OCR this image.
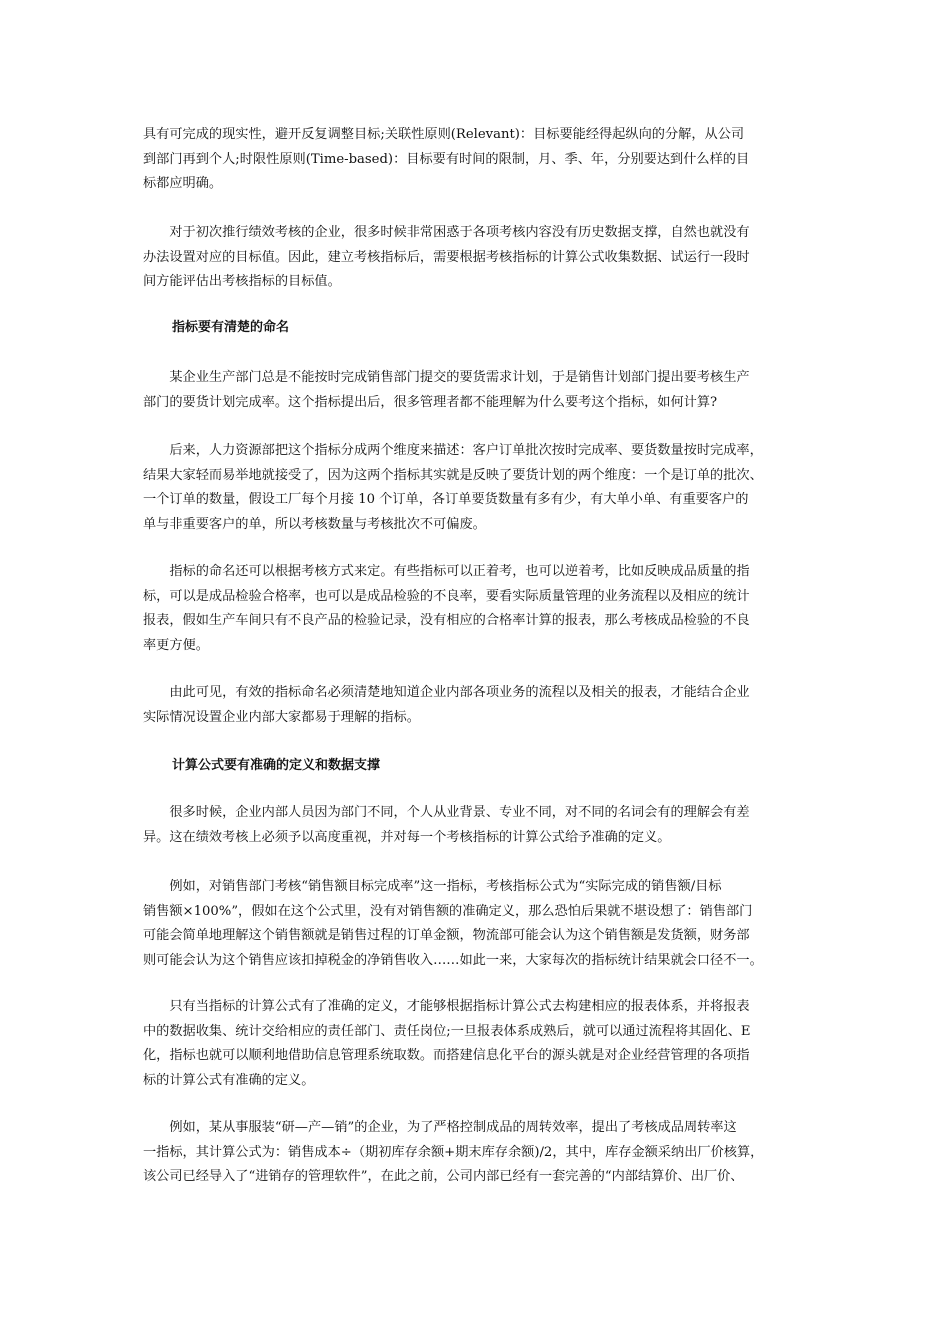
具有可完成的现实性，避开反复调整目标;关联性原则(Relevant)：目标要能经得起纵向的分解，从公司
到部门再到个人;时限性原则(Time-based)：目标要有时间的限制，月、季、年，分别要达到什么样的目
标都应明确。
　　对于初次推行绩效考核的企业，很多时候非常困惑于各项考核内容没有历史数据支撑，自然也就没有
办法设置对应的目标值。因此，建立考核指标后，需要根据考核指标的计算公式收集数据、试运行一段时
间方能评估出考核指标的目标值。
指标要有清楚的命名
　　某企业生产部门总是不能按时完成销售部门提交的要货需求计划，于是销售计划部门提出要考核生产
部门的要货计划完成率。这个指标提出后，很多管理者都不能理解为什么要考这个指标，如何计算?
　　后来，人力资源部把这个指标分成两个维度来描述：客户订单批次按时完成率、要货数量按时完成率，
结果大家轻而易举地就接受了，因为这两个指标其实就是反映了要货计划的两个维度：一个是订单的批次、
一个订单的数量，假设工厂每个月接 10 个订单，各订单要货数量有多有少，有大单小单、有重要客户的
单与非重要客户的单，所以考核数量与考核批次不可偏废。
　　指标的命名还可以根据考核方式来定。有些指标可以正着考，也可以逆着考，比如反映成品质量的指
标，可以是成品检验合格率，也可以是成品检验的不良率，要看实际质量管理的业务流程以及相应的统计
报表，假如生产车间只有不良产品的检验记录，没有相应的合格率计算的报表，那么考核成品检验的不良
率更方便。
　　由此可见，有效的指标命名必须清楚地知道企业内部各项业务的流程以及相关的报表，才能结合企业
实际情况设置企业内部大家都易于理解的指标。
计算公式要有准确的定义和数据支撑
　　很多时候，企业内部人员因为部门不同，个人从业背景、专业不同，对不同的名词会有的理解会有差
异。这在绩效考核上必须予以高度重视，并对每一个考核指标的计算公式给予准确的定义。
　　例如，对销售部门考核“销售额目标完成率”这一指标，考核指标公式为“实际完成的销售额/目标
销售额×100%”，假如在这个公式里，没有对销售额的准确定义，那么恐怕后果就不堪设想了：销售部门
可能会简单地理解这个销售额就是销售过程的订单金额，物流部可能会认为这个销售额是发货额，财务部
则可能会认为这个销售应该扣掉税金的净销售收入……如此一来，大家每次的指标统计结果就会口径不一。
　　只有当指标的计算公式有了准确的定义，才能够根据指标计算公式去构建相应的报表体系，并将报表
中的数据收集、统计交给相应的责任部门、责任岗位;一旦报表体系成熟后，就可以通过流程将其固化、E
化，指标也就可以顺利地借助信息管理系统取数。而搭建信息化平台的源头就是对企业经营管理的各项指
标的计算公式有准确的定义。
　　例如，某从事服装“研—产—销”的企业，为了严格控制成品的周转效率，提出了考核成品周转率这
一指标，其计算公式为：销售成本÷（期初库存余额+期末库存余额)/2，其中，库存金额采纳出厂价核算，
该公司已经导入了“进销存的管理软件”，在此之前，公司内部已经有一套完善的“内部结算价、出厂价、
